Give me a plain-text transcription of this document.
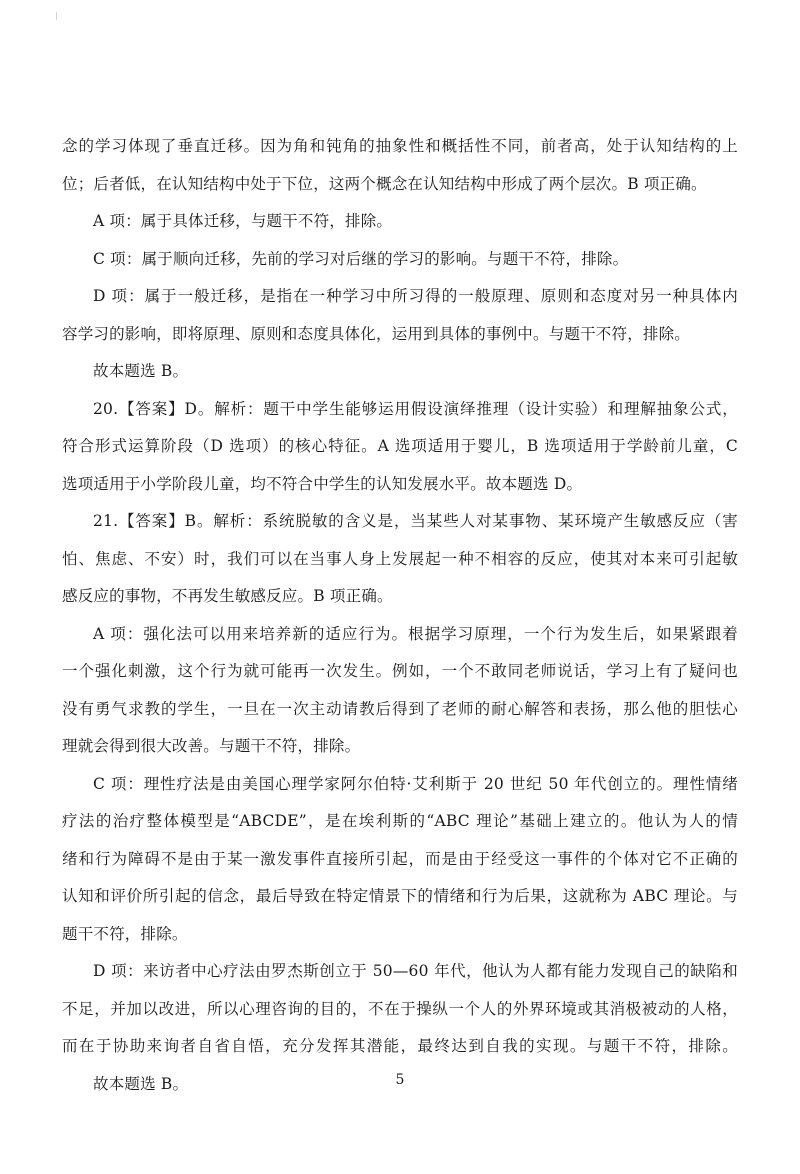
念的学习体现了垂直迁移。因为角和钝角的抽象性和概括性不同，前者高，处于认知结构的上
位；后者低，在认知结构中处于下位，这两个概念在认知结构中形成了两个层次。B 项正确。
A 项：属于具体迁移，与题干不符，排除。
C 项：属于顺向迁移，先前的学习对后继的学习的影响。与题干不符，排除。
D 项：属于一般迁移，是指在一种学习中所习得的一般原理、原则和态度对另一种具体内
容学习的影响，即将原理、原则和态度具体化，运用到具体的事例中。与题干不符，排除。
故本题选 B。
20.【答案】D。解析：题干中学生能够运用假设演绎推理（设计实验）和理解抽象公式，
符合形式运算阶段（D 选项）的核心特征。A 选项适用于婴儿，B 选项适用于学龄前儿童，C
选项适用于小学阶段儿童，均不符合中学生的认知发展水平。故本题选 D。
21.【答案】B。解析：系统脱敏的含义是，当某些人对某事物、某环境产生敏感反应（害
怕、焦虑、不安）时，我们可以在当事人身上发展起一种不相容的反应，使其对本来可引起敏
感反应的事物，不再发生敏感反应。B 项正确。
A 项：强化法可以用来培养新的适应行为。根据学习原理，一个行为发生后，如果紧跟着
一个强化刺激，这个行为就可能再一次发生。例如，一个不敢同老师说话，学习上有了疑问也
没有勇气求教的学生，一旦在一次主动请教后得到了老师的耐心解答和表扬，那么他的胆怯心
理就会得到很大改善。与题干不符，排除。
C 项：理性疗法是由美国心理学家阿尔伯特·艾利斯于 20 世纪 50 年代创立的。理性情绪
疗法的治疗整体模型是“ABCDE”，是在埃利斯的“ABC 理论”基础上建立的。他认为人的情
绪和行为障碍不是由于某一激发事件直接所引起，而是由于经受这一事件的个体对它不正确的
认知和评价所引起的信念，最后导致在特定情景下的情绪和行为后果，这就称为 ABC 理论。与
题干不符，排除。
D 项：来访者中心疗法由罗杰斯创立于 50—60 年代，他认为人都有能力发现自己的缺陷和
不足，并加以改进，所以心理咨询的目的，不在于操纵一个人的外界环境或其消极被动的人格，
而在于协助来询者自省自悟，充分发挥其潜能，最终达到自我的实现。与题干不符，排除。
故本题选 B。	5
